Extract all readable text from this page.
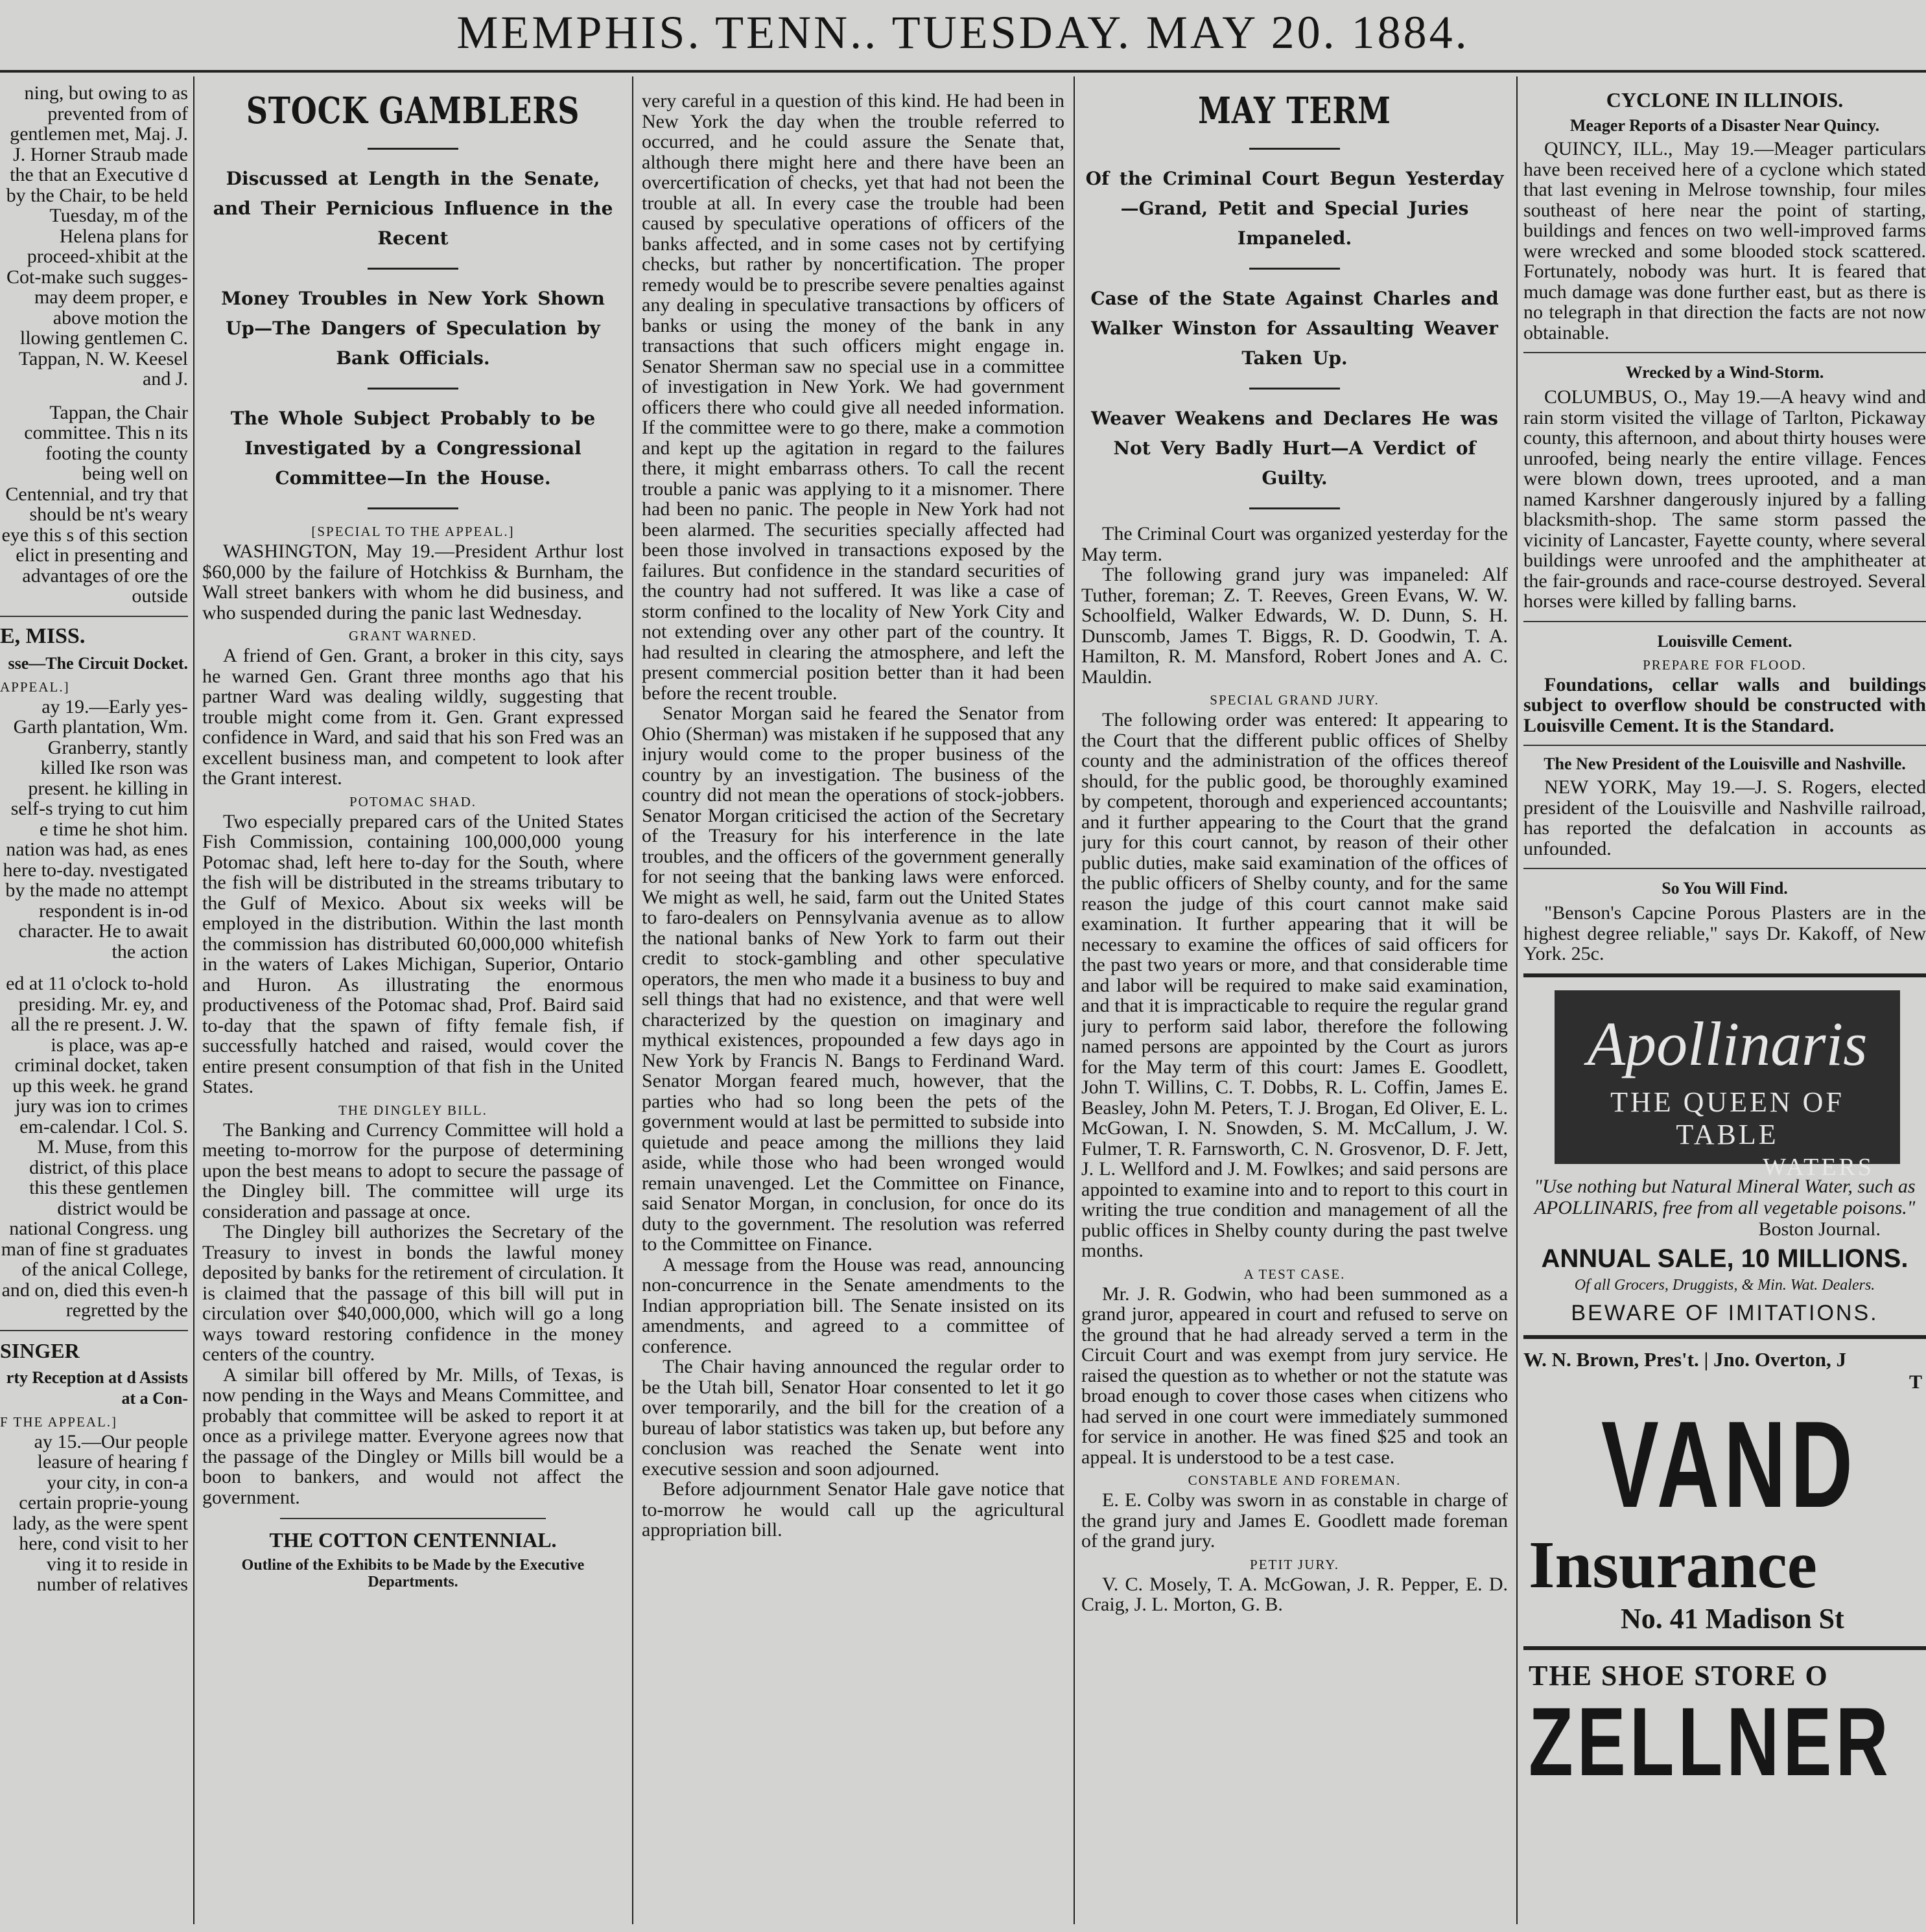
MEMPHIS. TENN.. TUESDAY. MAY 20. 1884.

ning, but owing to as prevented from of gentlemen met, Maj. J. J. Horner Straub made the that an Executive d by the Chair, to be held Tuesday, m of the Helena plans for proceed-xhibit at the Cot-make such sugges-may deem proper, e above motion the llowing gentlemen C. Tappan, N. W. Keesel and J.

Tappan, the Chair committee. This n its footing the county being well on Centennial, and try that should be nt's weary eye this s of this section elict in presenting and advantages of ore the outside

E, MISS.
sse—The Circuit Docket.
APPEAL.]

ay 19.—Early yes-Garth plantation, Wm. Granberry, stantly killed Ike rson was present. he killing in self-s trying to cut him e time he shot him. nation was had, as enes here to-day. nvestigated by the made no attempt respondent is in-od character. He to await the action

ed at 11 o'clock to-hold presiding. Mr. ey, and all the re present. J. W. is place, was ap-e criminal docket, taken up this week. he grand jury was ion to crimes em-calendar. l Col. S. M. Muse, from this district, of this place this these gentlemen district would be national Congress. ung man of fine st graduates of the anical College, and on, died this even-h regretted by the

SINGER
rty Reception at d Assists at a Con-
F THE APPEAL.]

ay 15.—Our people leasure of hearing f your city, in con-a certain proprie-young lady, as the were spent here, cond visit to her ving it to reside in number of relatives

STOCK GAMBLERS
Discussed at Length in the Senate, and Their Pernicious Influence in the Recent
Money Troubles in New York Shown Up—The Dangers of Speculation by Bank Officials.
The Whole Subject Probably to be Investigated by a Congressional Committee—In the House.
[SPECIAL TO THE APPEAL.]

WASHINGTON, May 19.—President Arthur lost $60,000 by the failure of Hotchkiss & Burnham, the Wall street bankers with whom he did business, and who suspended during the panic last Wednesday.

GRANT WARNED.

A friend of Gen. Grant, a broker in this city, says he warned Gen. Grant three months ago that his partner Ward was dealing wildly, suggesting that trouble might come from it. Gen. Grant expressed confidence in Ward, and said that his son Fred was an excellent business man, and competent to look after the Grant interest.

POTOMAC SHAD.

Two especially prepared cars of the United States Fish Commission, containing 100,000,000 young Potomac shad, left here to-day for the South, where the fish will be distributed in the streams tributary to the Gulf of Mexico. About six weeks will be employed in the distribution. Within the last month the commission has distributed 60,000,000 whitefish in the waters of Lakes Michigan, Superior, Ontario and Huron. As illustrating the enormous productiveness of the Potomac shad, Prof. Baird said to-day that the spawn of fifty female fish, if successfully hatched and raised, would cover the entire present consumption of that fish in the United States.

THE DINGLEY BILL.

The Banking and Currency Committee will hold a meeting to-morrow for the purpose of determining upon the best means to adopt to secure the passage of the Dingley bill. The committee will urge its consideration and passage at once.

The Dingley bill authorizes the Secretary of the Treasury to invest in bonds the lawful money deposited by banks for the retirement of circulation. It is claimed that the passage of this bill will put in circulation over $40,000,000, which will go a long ways toward restoring confidence in the money centers of the country.

A similar bill offered by Mr. Mills, of Texas, is now pending in the Ways and Means Committee, and probably that committee will be asked to report it at once as a privilege matter. Everyone agrees now that the passage of the Dingley or Mills bill would be a boon to bankers, and would not affect the government.

THE COTTON CENTENNIAL.
Outline of the Exhibits to be Made by the Executive Departments.

very careful in a question of this kind. He had been in New York the day when the trouble referred to occurred, and he could assure the Senate that, although there might here and there have been an overcertification of checks, yet that had not been the trouble at all. In every case the trouble had been caused by speculative operations of officers of the banks affected, and in some cases not by certifying checks, but rather by noncertification. The proper remedy would be to prescribe severe penalties against any dealing in speculative transactions by officers of banks or using the money of the bank in any transactions that such officers might engage in. Senator Sherman saw no special use in a committee of investigation in New York. We had government officers there who could give all needed information. If the committee were to go there, make a commotion and kept up the agitation in regard to the failures there, it might embarrass others. To call the recent trouble a panic was applying to it a misnomer. There had been no panic. The people in New York had not been alarmed. The securities specially affected had been those involved in transactions exposed by the failures. But confidence in the standard securities of the country had not suffered. It was like a case of storm confined to the locality of New York City and not extending over any other part of the country. It had resulted in clearing the atmosphere, and left the present commercial position better than it had been before the recent trouble.

Senator Morgan said he feared the Senator from Ohio (Sherman) was mistaken if he supposed that any injury would come to the proper business of the country by an investigation. The business of the country did not mean the operations of stock-jobbers. Senator Morgan criticised the action of the Secretary of the Treasury for his interference in the late troubles, and the officers of the government generally for not seeing that the banking laws were enforced. We might as well, he said, farm out the United States to faro-dealers on Pennsylvania avenue as to allow the national banks of New York to farm out their credit to stock-gambling and other speculative operators, the men who made it a business to buy and sell things that had no existence, and that were well characterized by the question on imaginary and mythical existences, propounded a few days ago in New York by Francis N. Bangs to Ferdinand Ward. Senator Morgan feared much, however, that the parties who had so long been the pets of the government would at last be permitted to subside into quietude and peace among the millions they laid aside, while those who had been wronged would remain unavenged. Let the Committee on Finance, said Senator Morgan, in conclusion, for once do its duty to the government. The resolution was referred to the Committee on Finance.

A message from the House was read, announcing non-concurrence in the Senate amendments to the Indian appropriation bill. The Senate insisted on its amendments, and agreed to a committee of conference.

The Chair having announced the regular order to be the Utah bill, Senator Hoar consented to let it go over temporarily, and the bill for the creation of a bureau of labor statistics was taken up, but before any conclusion was reached the Senate went into executive session and soon adjourned.

Before adjournment Senator Hale gave notice that to-morrow he would call up the agricultural appropriation bill.

MAY TERM
Of the Criminal Court Begun Yesterday—Grand, Petit and Special Juries Impaneled.
Case of the State Against Charles and Walker Winston for Assaulting Weaver Taken Up.
Weaver Weakens and Declares He was Not Very Badly Hurt—A Verdict of Guilty.

The Criminal Court was organized yesterday for the May term.

The following grand jury was impaneled: Alf Tuther, foreman; Z. T. Reeves, Green Evans, W. W. Schoolfield, Walker Edwards, W. D. Dunn, S. H. Dunscomb, James T. Biggs, R. D. Goodwin, T. A. Hamilton, R. M. Mansford, Robert Jones and A. C. Mauldin.

SPECIAL GRAND JURY.

The following order was entered: It appearing to the Court that the different public offices of Shelby county and the administration of the offices thereof should, for the public good, be thoroughly examined by competent, thorough and experienced accountants; and it further appearing to the Court that the grand jury for this court cannot, by reason of their other public duties, make said examination of the offices of the public officers of Shelby county, and for the same reason the judge of this court cannot make said examination. It further appearing that it will be necessary to examine the offices of said officers for the past two years or more, and that considerable time and labor will be required to make said examination, and that it is impracticable to require the regular grand jury to perform said labor, therefore the following named persons are appointed by the Court as jurors for the May term of this court: James E. Goodlett, John T. Willins, C. T. Dobbs, R. L. Coffin, James E. Beasley, John M. Peters, T. J. Brogan, Ed Oliver, E. L. McGowan, I. N. Snowden, S. M. McCallum, J. W. Fulmer, T. R. Farnsworth, C. N. Grosvenor, D. F. Jett, J. L. Wellford and J. M. Fowlkes; and said persons are appointed to examine into and to report to this court in writing the true condition and management of all the public offices in Shelby county during the past twelve months.

A TEST CASE.

Mr. J. R. Godwin, who had been summoned as a grand juror, appeared in court and refused to serve on the ground that he had already served a term in the Circuit Court and was exempt from jury service. He raised the question as to whether or not the statute was broad enough to cover those cases when citizens who had served in one court were immediately summoned for service in another. He was fined $25 and took an appeal. It is understood to be a test case.

CONSTABLE AND FOREMAN.

E. E. Colby was sworn in as constable in charge of the grand jury and James E. Goodlett made foreman of the grand jury.

PETIT JURY.

V. C. Mosely, T. A. McGowan, J. R. Pepper, E. D. Craig, J. L. Morton, G. B.

CYCLONE IN ILLINOIS.
Meager Reports of a Disaster Near Quincy.

QUINCY, ILL., May 19.—Meager particulars have been received here of a cyclone which stated that last evening in Melrose township, four miles southeast of here near the point of starting, buildings and fences on two well-improved farms were wrecked and some blooded stock scattered. Fortunately, nobody was hurt. It is feared that much damage was done further east, but as there is no telegraph in that direction the facts are not now obtainable.

Wrecked by a Wind-Storm.

COLUMBUS, O., May 19.—A heavy wind and rain storm visited the village of Tarlton, Pickaway county, this afternoon, and about thirty houses were unroofed, being nearly the entire village. Fences were blown down, trees uprooted, and a man named Karshner dangerously injured by a falling blacksmith-shop. The same storm passed the vicinity of Lancaster, Fayette county, where several buildings were unroofed and the amphitheater at the fair-grounds and race-course destroyed. Several horses were killed by falling barns.

Louisville Cement.
PREPARE FOR FLOOD.

Foundations, cellar walls and buildings subject to overflow should be constructed with Louisville Cement. It is the Standard.

The New President of the Louisville and Nashville.

NEW YORK, May 19.—J. S. Rogers, elected president of the Louisville and Nashville railroad, has reported the defalcation in accounts as unfounded.

So You Will Find.

"Benson's Capcine Porous Plasters are in the highest degree reliable," says Dr. Kakoff, of New York. 25c.

Apollinaris
THE QUEEN OF TABLE
WATERS
"Use nothing but Natural Mineral Water, such as APOLLINARIS, free from all vegetable poisons."
Boston Journal.
ANNUAL SALE, 10 MILLIONS.
Of all Grocers, Druggists, & Min. Wat. Dealers.
BEWARE OF IMITATIONS.
W. N. Brown, Pres't. | Jno. Overton, J
T
VAND
Insurance
No. 41 Madison St
THE SHOE STORE O
ZELLNER
